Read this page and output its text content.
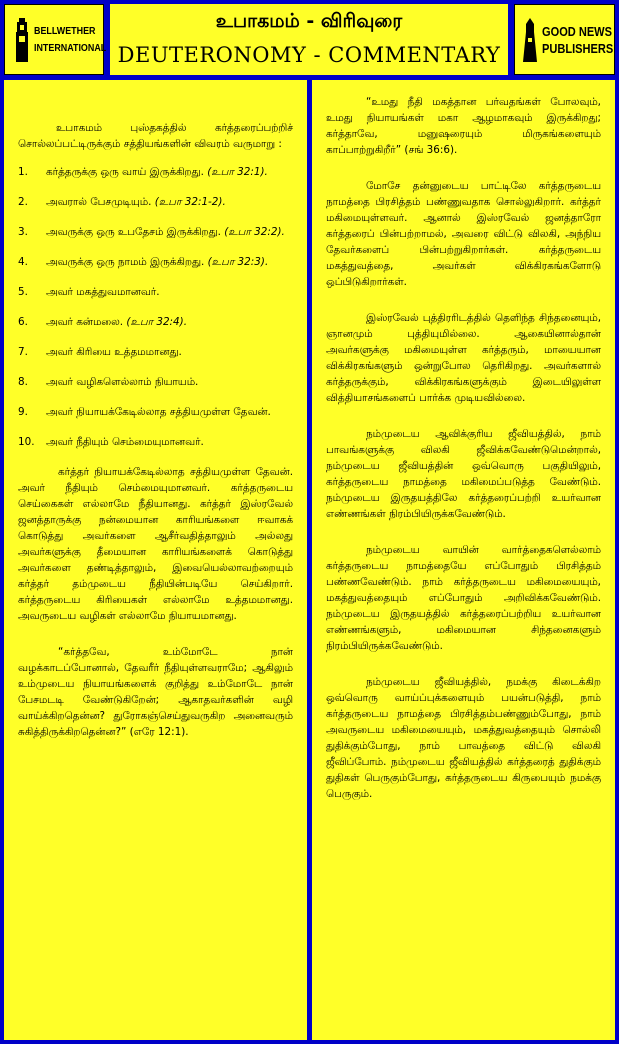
BELLWETHER
INTERNATIONAL
உபாகமம் - விரிவுரை
DEUTERONOMY - COMMENTARY
GOOD NEWS
PUBLISHERS

உபாகமம் புஸ்தகத்தில் கர்த்தரைப்பற்றிச் சொல்லப்பட்டிருக்கும் சத்தியங்களின் விவரம் வருமாறு :

1. கர்த்தருக்கு ஒரு வாய் இருக்கிறது. (உபா 32:1).
2. அவரால் பேசமுடியும். (உபா 32:1-2).
3. அவருக்கு ஒரு உபதேசம் இருக்கிறது. (உபா 32:2).
4. அவருக்கு ஒரு நாமம் இருக்கிறது. (உபா 32:3).
5. அவர் மகத்துவமானவர்.
6. அவர் கன்மலை. (உபா 32:4).
7. அவர் கிரியை உத்தமமானது.
8. அவர் வழிகளெல்லாம் நியாயம்.
9. அவர் நியாயக்கேடில்லாத சத்தியமுள்ள தேவன்.
10. அவர் நீதியும் செம்மையுமானவர்.

கர்த்தர் நியாயக்கேடில்லாத சத்தியமுள்ள தேவன். அவர் நீதியும் செம்மையுமானவர். கர்த்தருடைய செய்கைகள் எல்லாமே நீதியானது. கர்த்தர் இஸ்ரவேல் ஜனத்தாருக்கு நன்மையான காரியங்களை ஈவாகக் கொடுத்து அவர்களை ஆசீர்வதித்தாலும் அல்லது அவர்களுக்கு தீமையான காரியங்களைக் கொடுத்து அவர்களை தண்டித்தாலும், இவையெல்லாவற்றையும் கர்த்தர் தம்முடைய நீதியின்படியே செய்கிறார். கர்த்தருடைய கிரியைகள் எல்லாமே உத்தமமானது. அவருடைய வழிகள் எல்லாமே நியாயமானது.

“கர்த்தவே, உம்மோடே நான் வழக்காடப்போனால், தேவரீர் நீதியுள்ளவராமே; ஆகிலும் உம்முடைய நியாயங்களைக் குறித்து உம்மோடே நான் பேசமடடி வேண்டுகிறேன்; ஆகாதவர்களின் வழி வாய்க்கிறதென்ன? துரோகஞ்செய்துவருகிற அனைவரும் சுகித்திருக்கிறதென்ன?” (எரே 12:1).

“உமது நீதி மகத்தான பர்வதங்கள் போலவும், உமது நியாயங்கள் மகா ஆழமாகவும் இருக்கிறது; கர்த்தாவே, மனுஷரையும் மிருகங்களையும் காப்பாற்றுகிறீர்” (சங் 36:6).

மோசே தன்னுடைய பாட்டிலே கர்த்தருடைய நாமத்தை பிரசித்தம் பண்ணுவதாக சொல்லுகிறார். கர்த்தர் மகிமையுள்ளவர். ஆனால் இஸ்ரவேல் ஜனத்தாரோ கர்த்தரைப் பின்பற்றாமல், அவரை விட்டு விலகி, அந்நிய தேவர்களைப் பின்பற்றுகிறார்கள். கர்த்தருடைய மகத்துவத்தை, அவர்கள் விக்கிரகங்களோடு ஒப்பிடுகிறார்கள்.

இஸ்ரவேல் புத்திரரிடத்தில் தெளிந்த சிந்தனையும், ஞானமும் புத்தியுமில்லை. ஆகையினால்தான் அவர்களுக்கு மகிமையுள்ள கர்த்தரும், மாயையான விக்கிரகங்களும் ஒன்றுபோல தெரிகிறது. அவர்களால் கர்த்தருக்கும், விக்கிரகங்களுக்கும் இடையிலுள்ள வித்தியாசங்களைப் பார்க்க முடியவில்லை.

நம்முடைய ஆவிக்குரிய ஜீவியத்தில், நாம் பாவங்களுக்கு விலகி ஜீவிக்கவேண்டுமென்றால், நம்முடைய ஜீவியத்தின் ஒவ்வொரு பகுதியிலும், கர்த்தருடைய நாமத்தை மகிமைப்படுத்த வேண்டும். நம்முடைய இருதயத்திலே கர்த்தரைப்பற்றி உயர்வான எண்ணங்கள் நிரம்பியிருக்கவேண்டும்.

நம்முடைய வாயின் வார்த்தைகளெல்லாம் கர்த்தருடைய நாமத்தையே எப்போதும் பிரசித்தம் பண்ணவேண்டும். நாம் கர்த்தருடைய மகிமையையும், மகத்துவத்தையும் எப்போதும் அறிவிக்கவேண்டும். நம்முடைய இருதயத்தில் கர்த்தரைப்பற்றிய உயர்வான எண்ணங்களும், மகிமையான சிந்தனைகளும் நிரம்பியிருக்கவேண்டும்.

நம்முடைய ஜீவியத்தில், நமக்கு கிடைக்கிற ஒவ்வொரு வாய்ப்புக்களையும் பயன்படுத்தி, நாம் கர்த்தருடைய நாமத்தை பிரசித்தம்பண்ணும்போது, நாம் அவருடைய மகிமையையும், மகத்துவத்தையும் சொல்லி துதிக்கும்போது, நாம் பாவத்தை விட்டு விலகி ஜீவிப்போம். நம்முடைய ஜீவியத்தில் கர்த்தரைத் துதிக்கும் துதிகள் பெருகும்போது, கர்த்தருடைய கிருபையும் நமக்கு பெருகும்.
